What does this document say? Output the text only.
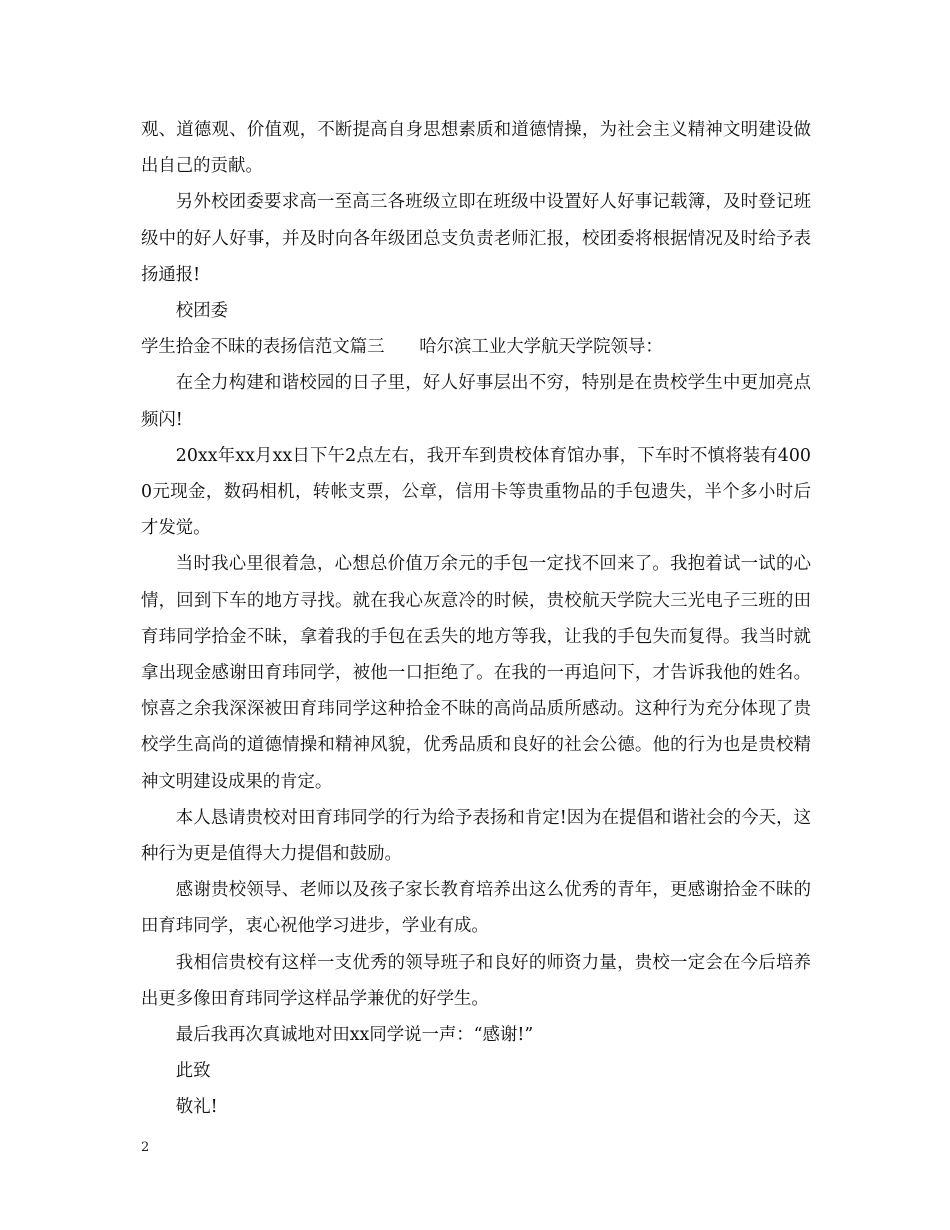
观、道德观、价值观，不断提高自身思想素质和道德情操，为社会主义精神文明建设做出自己的贡献。

另外校团委要求高一至高三各班级立即在班级中设置好人好事记载簿，及时登记班级中的好人好事，并及时向各年级团总支负责老师汇报，校团委将根据情况及时给予表扬通报!

校团委

学生拾金不昧的表扬信范文篇三　　哈尔滨工业大学航天学院领导：

在全力构建和谐校园的日子里，好人好事层出不穷，特别是在贵校学生中更加亮点频闪!

20xx年xx月xx日下午2点左右，我开车到贵校体育馆办事，下车时不慎将装有4000元现金，数码相机，转帐支票，公章，信用卡等贵重物品的手包遗失，半个多小时后才发觉。

当时我心里很着急，心想总价值万余元的手包一定找不回来了。我抱着试一试的心情，回到下车的地方寻找。就在我心灰意冷的时候，贵校航天学院大三光电子三班的田育玮同学拾金不昧，拿着我的手包在丢失的地方等我，让我的手包失而复得。我当时就拿出现金感谢田育玮同学，被他一口拒绝了。在我的一再追问下，才告诉我他的姓名。惊喜之余我深深被田育玮同学这种拾金不昧的高尚品质所感动。这种行为充分体现了贵校学生高尚的道德情操和精神风貌，优秀品质和良好的社会公德。他的行为也是贵校精神文明建设成果的肯定。

本人恳请贵校对田育玮同学的行为给予表扬和肯定!因为在提倡和谐社会的今天，这种行为更是值得大力提倡和鼓励。

感谢贵校领导、老师以及孩子家长教育培养出这么优秀的青年，更感谢拾金不昧的田育玮同学，衷心祝他学习进步，学业有成。

我相信贵校有这样一支优秀的领导班子和良好的师资力量，贵校一定会在今后培养出更多像田育玮同学这样品学兼优的好学生。

最后我再次真诚地对田xx同学说一声：“感谢!”

此致

敬礼!

2
